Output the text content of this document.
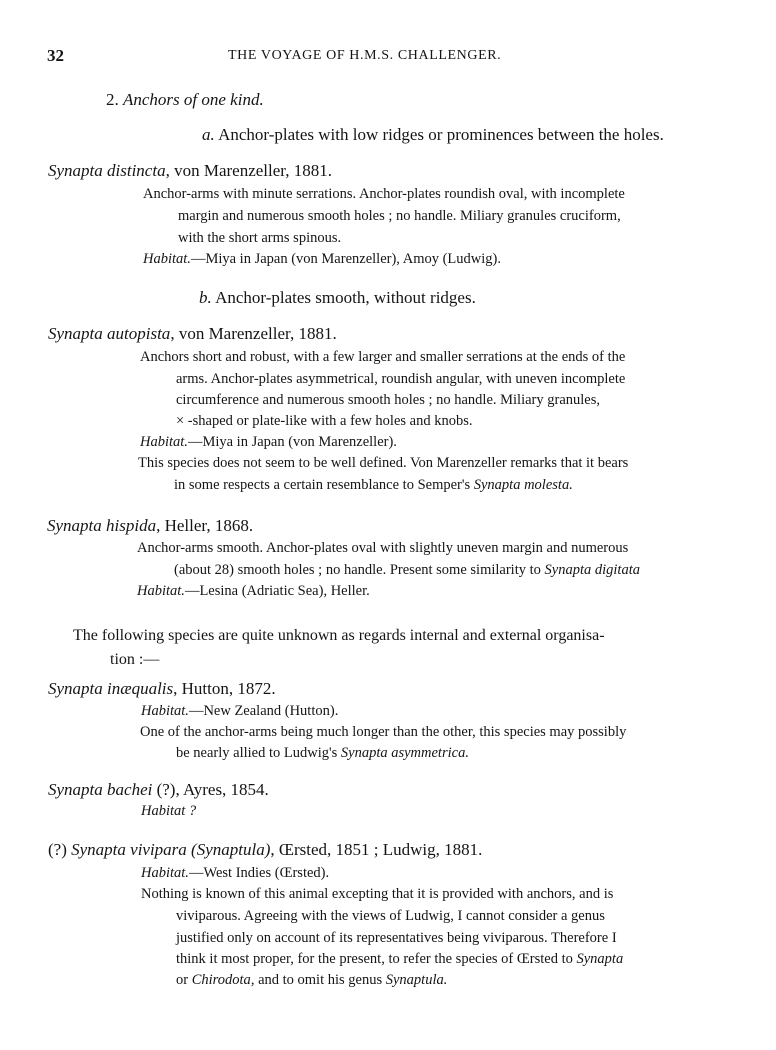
32	THE VOYAGE OF H.M.S. CHALLENGER.
2. Anchors of one kind.
a. Anchor-plates with low ridges or prominences between the holes.
Synapta distincta, von Marenzeller, 1881.
Anchor-arms with minute serrations. Anchor-plates roundish oval, with incomplete
margin and numerous smooth holes ; no handle. Miliary granules cruciform,
with the short arms spinous.
Habitat.—Miya in Japan (von Marenzeller), Amoy (Ludwig).
b. Anchor-plates smooth, without ridges.
Synapta autopista, von Marenzeller, 1881.
Anchors short and robust, with a few larger and smaller serrations at the ends of the
arms. Anchor-plates asymmetrical, roundish angular, with uneven incomplete
circumference and numerous smooth holes ; no handle. Miliary granules,
× -shaped or plate-like with a few holes and knobs.
Habitat.—Miya in Japan (von Marenzeller).
This species does not seem to be well defined. Von Marenzeller remarks that it bears
in some respects a certain resemblance to Semper's Synapta molesta.
Synapta hispida, Heller, 1868.
Anchor-arms smooth. Anchor-plates oval with slightly uneven margin and numerous
(about 28) smooth holes ; no handle. Present some similarity to Synapta digitata
Habitat.—Lesina (Adriatic Sea), Heller.
The following species are quite unknown as regards internal and external organisa-
tion :—
Synapta inæqualis, Hutton, 1872.
Habitat.—New Zealand (Hutton).
One of the anchor-arms being much longer than the other, this species may possibly
be nearly allied to Ludwig's Synapta asymmetrica.
Synapta bachei (?), Ayres, 1854.
Habitat ?
(?) Synapta vivipara (Synaptula), Œrsted, 1851 ; Ludwig, 1881.
Habitat.—West Indies (Œrsted).
Nothing is known of this animal excepting that it is provided with anchors, and is
viviparous. Agreeing with the views of Ludwig, I cannot consider a genus
justified only on account of its representatives being viviparous. Therefore I
think it most proper, for the present, to refer the species of Œrsted to Synapta
or Chirodota, and to omit his genus Synaptula.
